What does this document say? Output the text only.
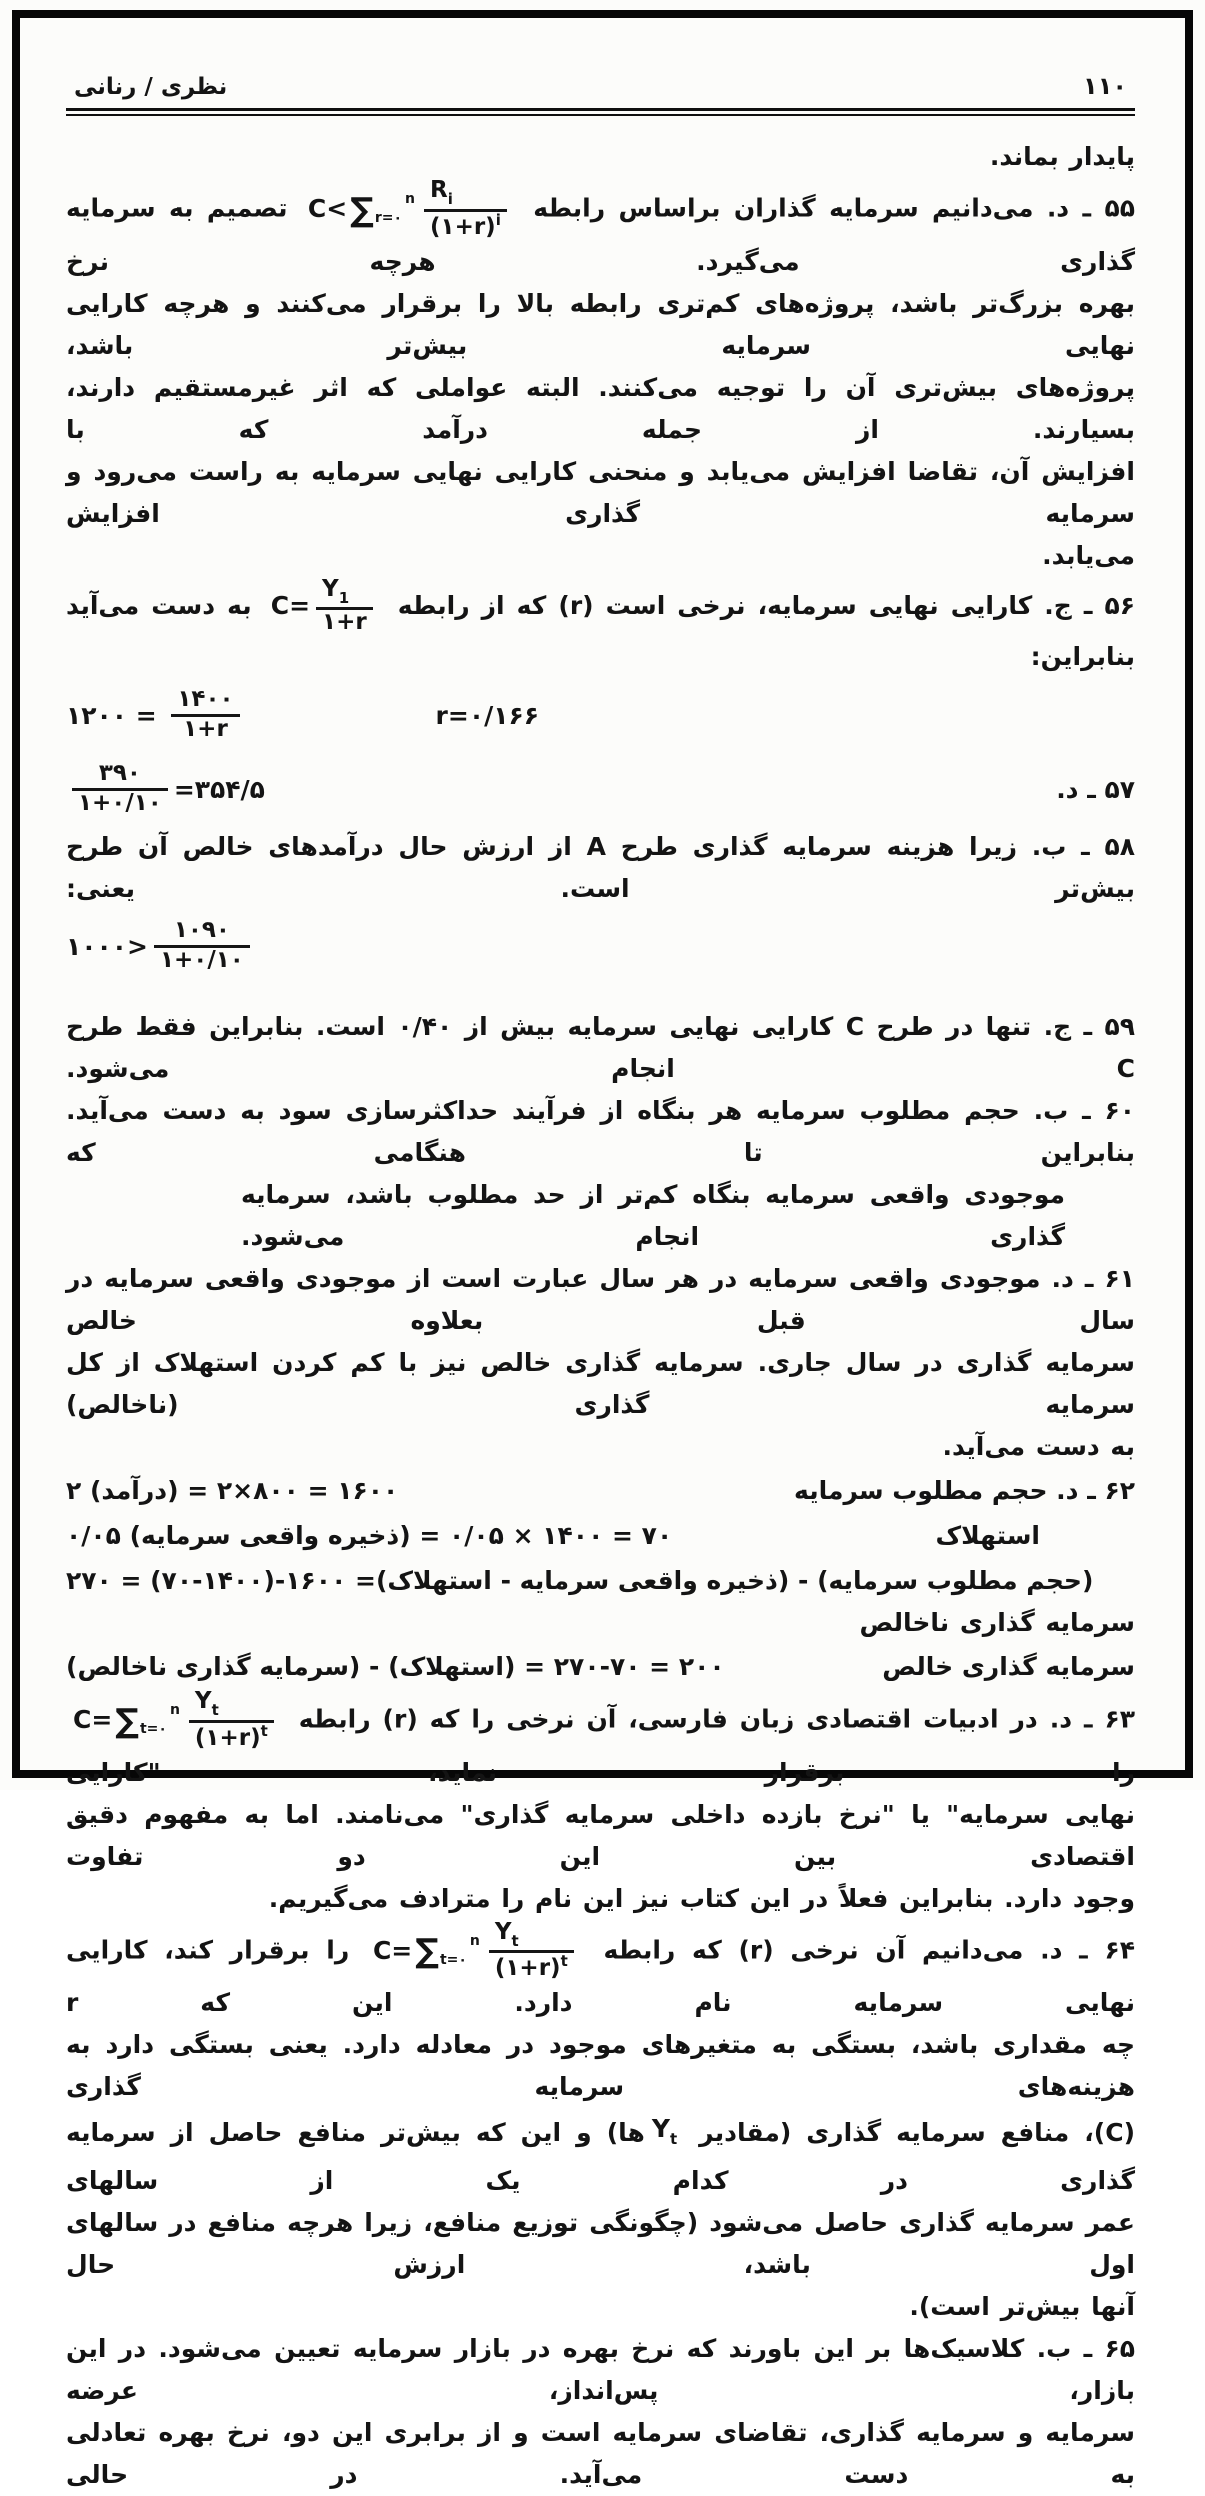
۱۱۰
نظری / رنانی
پایدار بماند.
۵۵ ـ د. می‌دانیم سرمایه گذاران براساس رابطه
C< ∑ r=۰
n $\frac{R_i}{(۱+r)^i}$
تصمیم به سرمایه گذاری می‌گیرد. هرچه نرخ
بهره بزرگ‌تر باشد، پروژه‌های کم‌تری رابطه بالا را برقرار می‌کنند و هرچه کارایی نهایی سرمایه بیش‌تر باشد،
پروژه‌های بیش‌تری آن را توجیه می‌کنند. البته عواملی که اثر غیرمستقیم دارند، بسیارند. از جمله درآمد که با
افزایش آن، تقاضا افزایش می‌یابد و منحنی کارایی نهایی سرمایه به راست می‌رود و سرمایه گذاری افزایش
می‌یابد.
۵۶ ـ ج. کارایی نهایی سرمایه، نرخی است (r) که از رابطه
$C= \frac{Y_1}{۱+r}$
به دست می‌آید بنابراین:
۱۲۰۰ = $\frac{۱۴۰۰}{۱+r}$	r=۰/۱۶۶
$\frac{۳۹۰}{۱+۰/۱۰}$ =۳۵۴/۵	۵۷ ـ د.
۵۸ ـ ب. زیرا هزینه سرمایه گذاری طرح A از ارزش حال درآمدهای خالص آن طرح بیش‌تر است. یعنی:
۱۰۰۰> $\frac{۱۰۹۰}{۱+۰/۱۰}$
۵۹ ـ ج. تنها در طرح C کارایی نهایی سرمایه بیش از ۰/۴۰ است. بنابراین فقط طرح C انجام می‌شود.
۶۰ ـ ب. حجم مطلوب سرمایه هر بنگاه از فرآیند حداکثرسازی سود به دست می‌آید. بنابراین تا هنگامی که
موجودی واقعی سرمایه بنگاه کم‌تر از حد مطلوب باشد، سرمایه گذاری انجام می‌شود.
۶۱ ـ د. موجودی واقعی سرمایه در هر سال عبارت است از موجودی واقعی سرمایه در سال قبل بعلاوه خالص
سرمایه گذاری در سال جاری. سرمایه گذاری خالص نیز با کم کردن استهلاک از کل سرمایه گذاری (ناخالص)
به دست می‌آید.
۲ ( درآمد ) = ۲×۸۰۰ = ۱۶۰۰	۶۲ ـ د. حجم مطلوب سرمایه
۰/۰۵ ( ذخیره واقعی سرمایه ) = ۰/۰۵ × ۱۴۰۰ = ۷۰	استهلاک
۲۷۰ = (۷۰-۱۴۰۰)-۱۶۰۰ =( استهلاک - ذخیره واقعی سرمایه ) - ( حجم مطلوب سرمایه )
سرمایه گذاری ناخالص
( سرمایه گذاری ناخالص ) - ( استهلاک ) = ۲۷۰-۷۰ = ۲۰۰	سرمایه گذاری خالص
۶۳ ـ د. در ادبیات اقتصادی زبان فارسی، آن نرخی را که (r) رابطه
C= ∑ t=۰
n $\frac{Y_t}{(۱+r)^t}$
را برقرار نماید، "کارایی
نهایی سرمایه" یا "نرخ بازده داخلی سرمایه گذاری" می‌نامند. اما به مفهوم دقیق اقتصادی بین این دو تفاوت
وجود دارد. بنابراین فعلاً در این کتاب نیز این نام را مترادف می‌گیریم.
۶۴ ـ د. می‌دانیم آن نرخی (r) که رابطه
C= ∑ t=۰
n $\frac{Y_t}{(۱+r)^t}$
را برقرار کند، کارایی نهایی سرمایه نام دارد. این که r
چه مقداری باشد، بستگی به متغیرهای موجود در معادله دارد. یعنی بستگی دارد به هزینه‌های سرمایه گذاری
(C)، منافع سرمایه گذاری (مقادیر
$Y_t$
ها) و این که بیش‌تر منافع حاصل از سرمایه گذاری در کدام یک از سالهای
عمر سرمایه گذاری حاصل می‌شود (چگونگی توزیع منافع، زیرا هرچه منافع در سالهای اول باشد، ارزش حال
آنها بیش‌تر است).
۶۵ ـ ب. کلاسیک‌ها بر این باورند که نرخ بهره در بازار سرمایه تعیین می‌شود. در این بازار، پس‌انداز، عرضه
سرمایه و سرمایه گذاری، تقاضای سرمایه است و از برابری این دو، نرخ بهره تعادلی به دست می‌آید. در حالی
